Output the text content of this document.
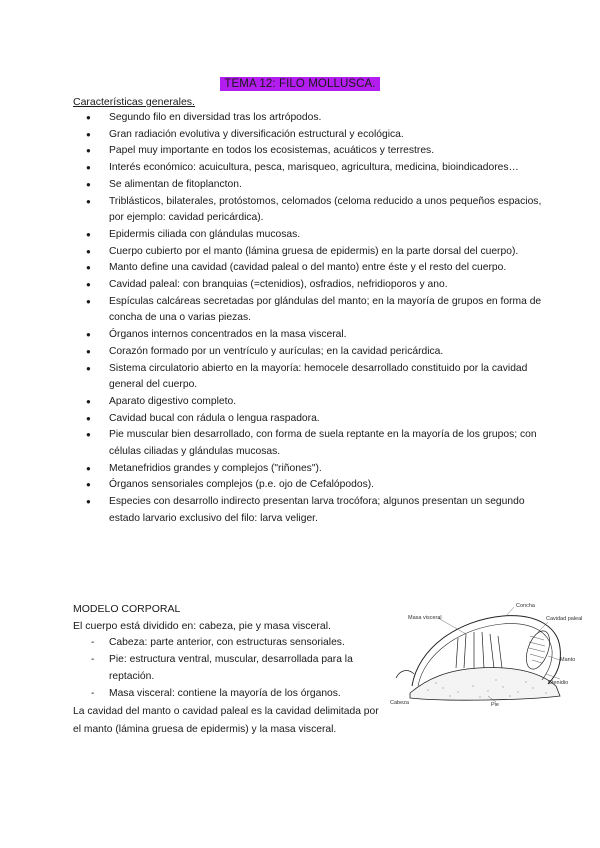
TEMA 12: FILO MOLLUSCA.
Características generales.
● Segundo filo en diversidad tras los artrópodos.
● Gran radiación evolutiva y diversificación estructural y ecológica.
● Papel muy importante en todos los ecosistemas, acuáticos y terrestres.
● Interés económico: acuicultura, pesca, marisqueo, agricultura, medicina, bioindicadores…
● Se alimentan de fitoplancton.
● Triblásticos, bilaterales, protóstomos, celomados (celoma reducido a unos pequeños espacios, por ejemplo: cavidad pericárdica).
● Epidermis ciliada con glándulas mucosas.
● Cuerpo cubierto por el manto (lámina gruesa de epidermis) en la parte dorsal del cuerpo).
● Manto define una cavidad (cavidad paleal o del manto) entre éste y el resto del cuerpo.
● Cavidad paleal: con branquias (=ctenidios), osfradios, nefridioporos y ano.
● Espículas calcáreas secretadas por glándulas del manto; en la mayoría de grupos en forma de concha de una o varias piezas.
● Órganos internos concentrados en la masa visceral.
● Corazón formado por un ventrículo y aurículas; en la cavidad pericárdica.
● Sistema circulatorio abierto en la mayoría: hemocele desarrollado constituido por la cavidad general del cuerpo.
● Aparato digestivo completo.
● Cavidad bucal con rádula o lengua raspadora.
● Pie muscular bien desarrollado, con forma de suela reptante en la mayoría de los grupos; con células ciliadas y glándulas mucosas.
● Metanefridios grandes y complejos ("riñones").
● Órganos sensoriales complejos (p.e. ojo de Cefalópodos).
● Especies con desarrollo indirecto presentan larva trocófora; algunos presentan un segundo estado larvario exclusivo del filo: larva veliger.
MODELO CORPORAL
El cuerpo está dividido en: cabeza, pie y masa visceral.
- Cabeza: parte anterior, con estructuras sensoriales.
- Pie: estructura ventral, muscular, desarrollada para la reptación.
- Masa visceral: contiene la mayoría de los órganos.
La cavidad del manto o cavidad paleal es la cavidad delimitada por el manto (lámina gruesa de epidermis) y la masa visceral.
Concha
Masa visceral	Cavidad paleal
Manto
Ctenidio
Cabeza	Pie
